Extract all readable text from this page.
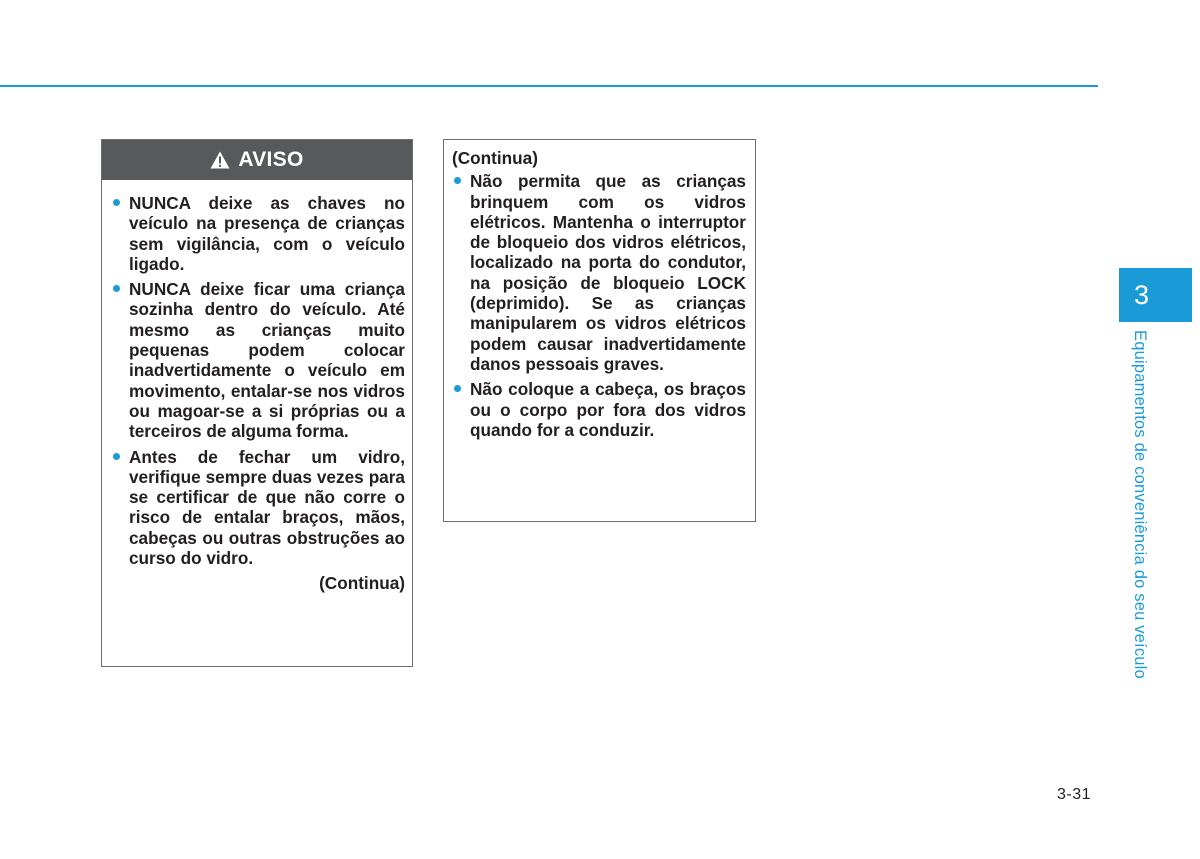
AVISO
NUNCA deixe as chaves no veículo na presença de crianças sem vigilância, com o veículo ligado.
NUNCA deixe ficar uma criança sozinha dentro do veículo. Até mesmo as crianças muito pequenas podem colocar inadvertidamente o veículo em movimento, entalar-se nos vidros ou magoar-se a si próprias ou a terceiros de alguma forma.
Antes de fechar um vidro, verifique sempre duas vezes para se certificar de que não corre o risco de entalar braços, mãos, cabeças ou outras obstruções ao curso do vidro.
(Continua)
(Continua)
Não permita que as crianças brinquem com os vidros elétricos. Mantenha o interruptor de bloqueio dos vidros elétricos, localizado na porta do condutor, na posição de bloqueio LOCK (deprimido). Se as crianças manipularem os vidros elétricos podem causar inadvertidamente danos pessoais graves.
Não coloque a cabeça, os braços ou o corpo por fora dos vidros quando for a conduzir.
3
Equipamentos de conveniência do seu veículo
3-31
